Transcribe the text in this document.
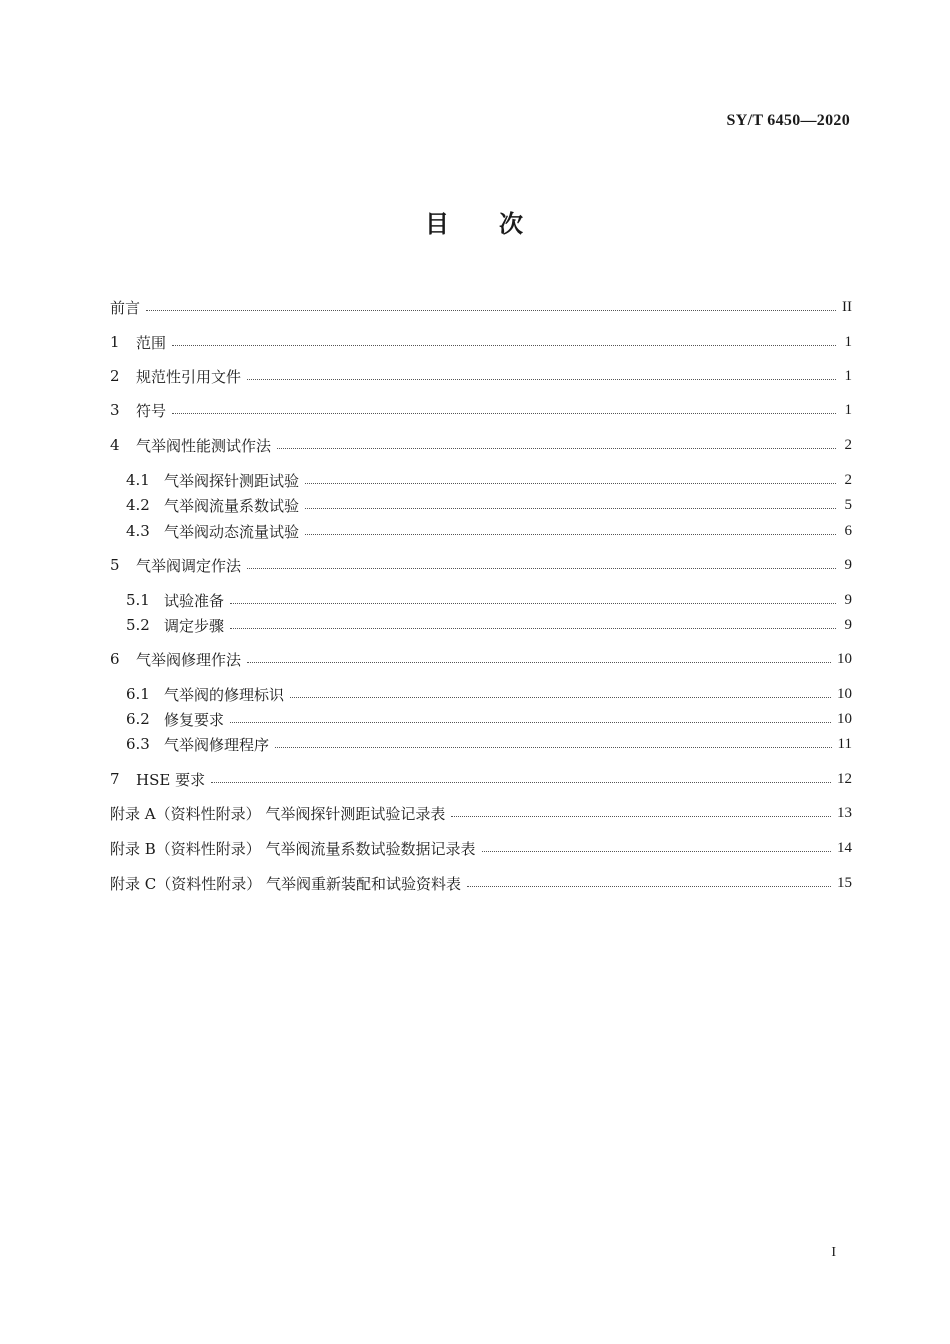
SY/T 6450—2020
目 次
前言	II
1	范围	1
2	规范性引用文件	1
3	符号	1
4	气举阀性能测试作法	2
4.1 气举阀探针测距试验	2
4.2 气举阀流量系数试验	5
4.3 气举阀动态流量试验	6
5	气举阀调定作法	9
5.1 试验准备	9
5.2 调定步骤	9
6	气举阀修理作法	10
6.1 气举阀的修理标识	10
6.2 修复要求	10
6.3 气举阀修理程序	11
7	HSE 要求	12
附录 A（资料性附录） 气举阀探针测距试验记录表	13
附录 B（资料性附录） 气举阀流量系数试验数据记录表	14
附录 C（资料性附录） 气举阀重新装配和试验资料表	15
I
